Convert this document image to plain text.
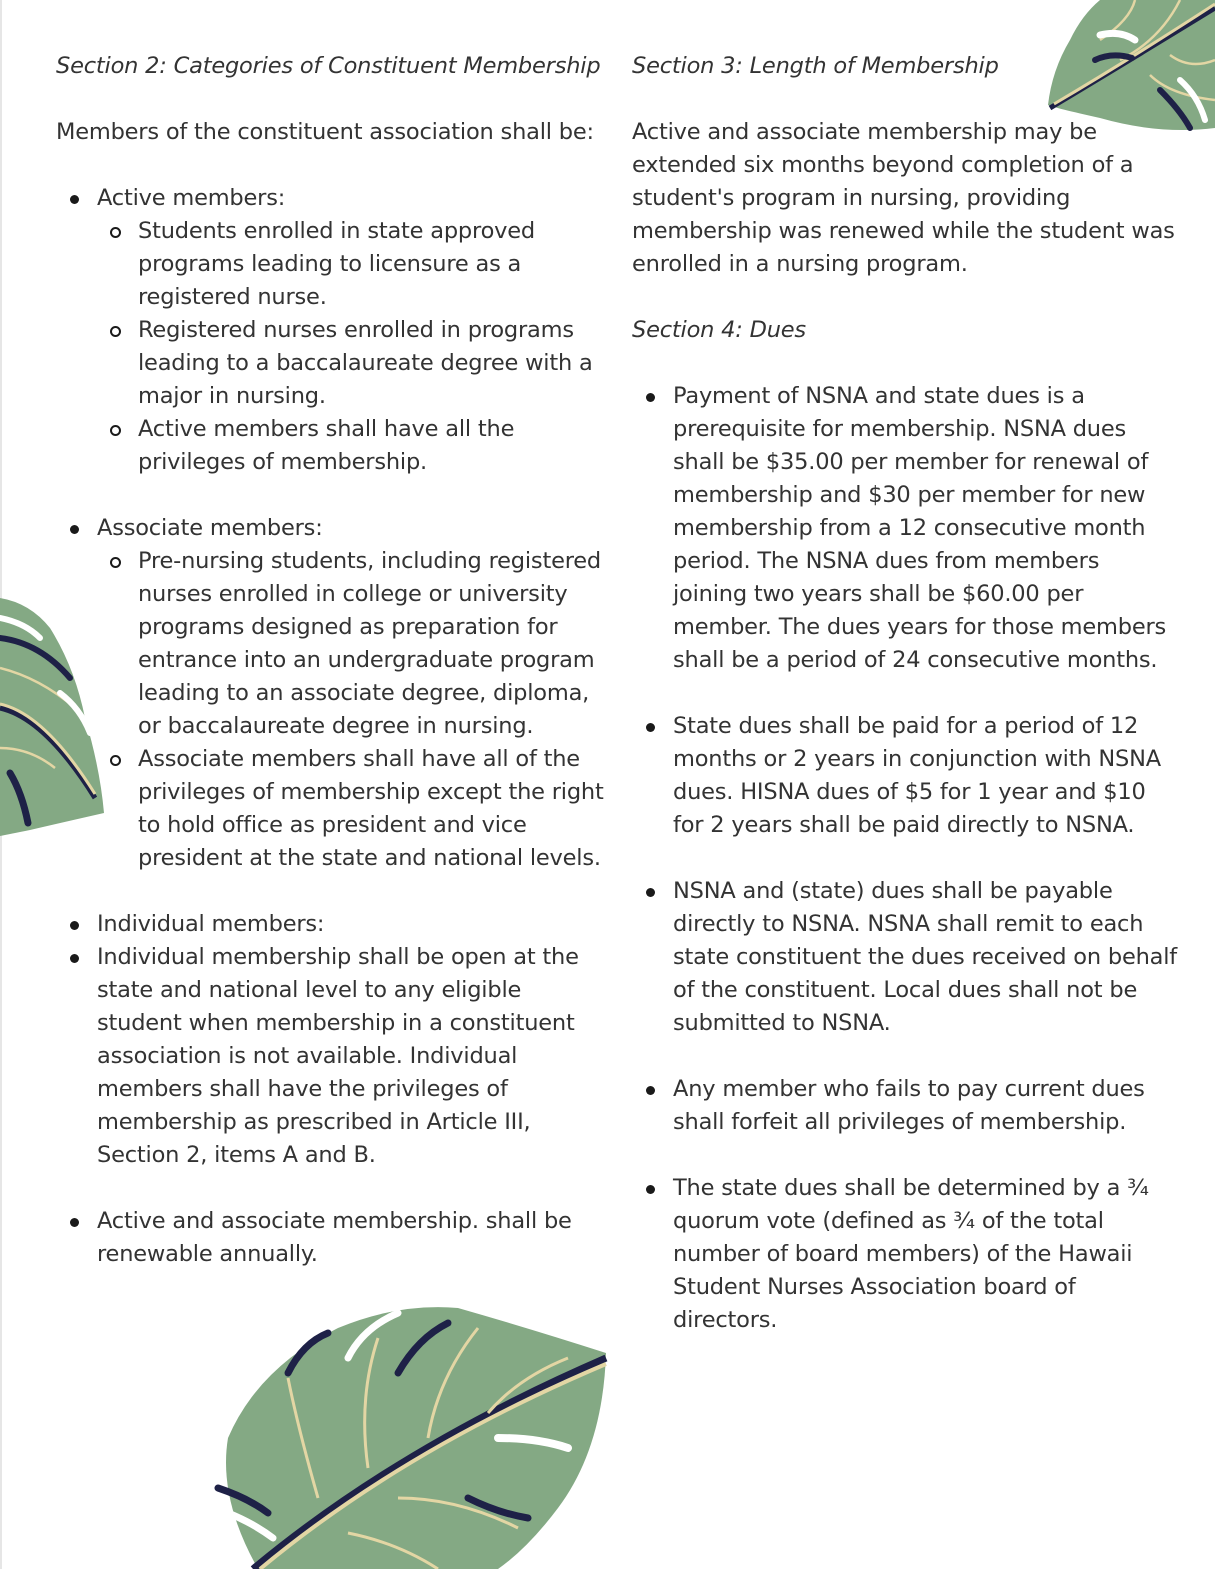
Section 2: Categories of Constituent Membership
Members of the constituent association shall be:
Active members:
Students enrolled in state approved programs leading to licensure as a registered nurse.
Registered nurses enrolled in programs leading to a baccalaureate degree with a major in nursing.
Active members shall have all the privileges of membership.
Associate members:
Pre-nursing students, including registered nurses enrolled in college or university programs designed as preparation for entrance into an undergraduate program leading to an associate degree, diploma, or baccalaureate degree in nursing.
Associate members shall have all of the privileges of membership except the right to hold office as president and vice president at the state and national levels.
Individual members:
Individual membership shall be open at the state and national level to any eligible student when membership in a constituent association is not available. Individual members shall have the privileges of membership as prescribed in Article III, Section 2, items A and B.
Active and associate membership. shall be renewable annually.
Section 3: Length of Membership
Active and associate membership may be extended six months beyond completion of a student's program in nursing, providing membership was renewed while the student was enrolled in a nursing program.
Section 4: Dues
Payment of NSNA and state dues is a prerequisite for membership. NSNA dues shall be $35.00 per member for renewal of membership and $30 per member for new membership from a 12 consecutive month period. The NSNA dues from members joining two years shall be $60.00 per member. The dues years for those members shall be a period of 24 consecutive months.
State dues shall be paid for a period of 12 months or 2 years in conjunction with NSNA dues. HISNA dues of $5 for 1 year and $10 for 2 years shall be paid directly to NSNA.
NSNA and (state) dues shall be payable directly to NSNA. NSNA shall remit to each state constituent the dues received on behalf of the constituent. Local dues shall not be submitted to NSNA.
Any member who fails to pay current dues shall forfeit all privileges of membership.
The state dues shall be determined by a ¾ quorum vote (defined as ¾ of the total number of board members) of the Hawaii Student Nurses Association board of directors.
